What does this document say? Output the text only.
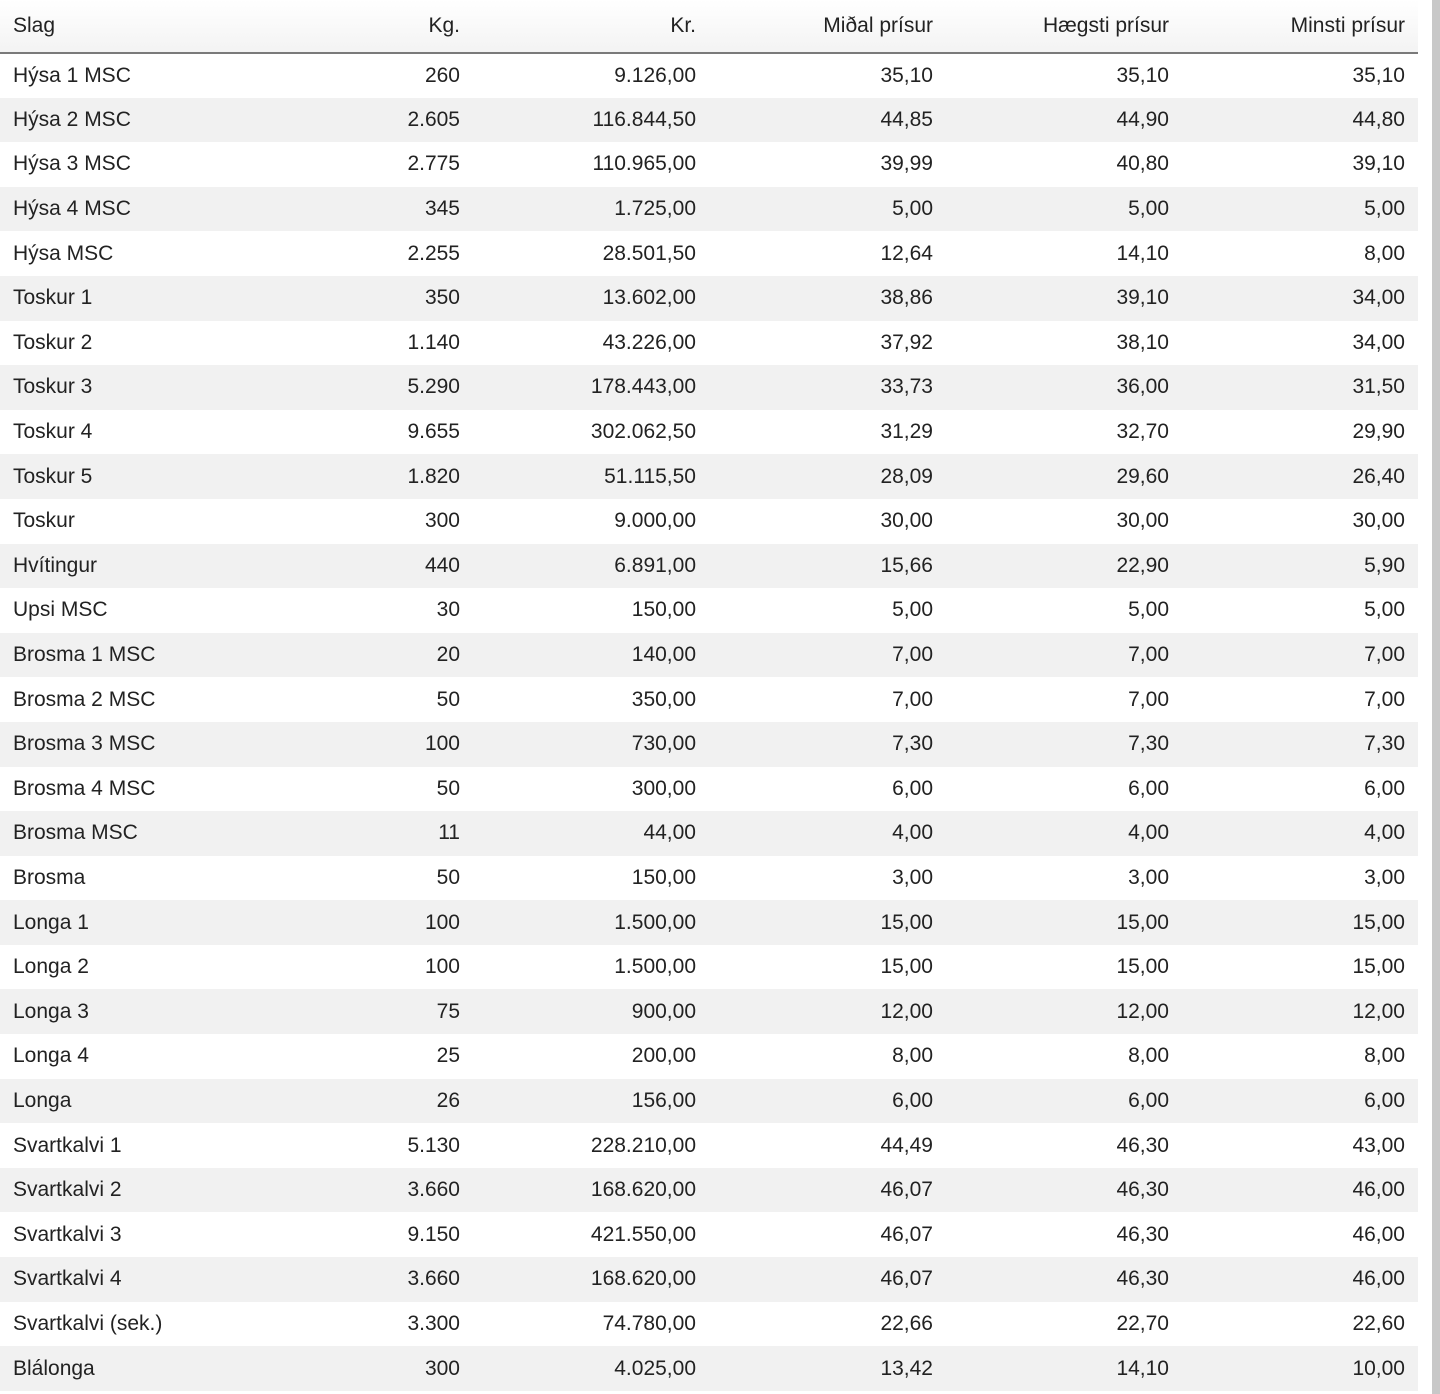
Slag	Kg.	Kr.	Miðal prísur	Hægsti prísur	Minsti prísur
Hýsa 1 MSC	260	9.126,00	35,10	35,10	35,10
Hýsa 2 MSC	2.605	116.844,50	44,85	44,90	44,80
Hýsa 3 MSC	2.775	110.965,00	39,99	40,80	39,10
Hýsa 4 MSC	345	1.725,00	5,00	5,00	5,00
Hýsa MSC	2.255	28.501,50	12,64	14,10	8,00
Toskur 1	350	13.602,00	38,86	39,10	34,00
Toskur 2	1.140	43.226,00	37,92	38,10	34,00
Toskur 3	5.290	178.443,00	33,73	36,00	31,50
Toskur 4	9.655	302.062,50	31,29	32,70	29,90
Toskur 5	1.820	51.115,50	28,09	29,60	26,40
Toskur	300	9.000,00	30,00	30,00	30,00
Hvítingur	440	6.891,00	15,66	22,90	5,90
Upsi MSC	30	150,00	5,00	5,00	5,00
Brosma 1 MSC	20	140,00	7,00	7,00	7,00
Brosma 2 MSC	50	350,00	7,00	7,00	7,00
Brosma 3 MSC	100	730,00	7,30	7,30	7,30
Brosma 4 MSC	50	300,00	6,00	6,00	6,00
Brosma MSC	11	44,00	4,00	4,00	4,00
Brosma	50	150,00	3,00	3,00	3,00
Longa 1	100	1.500,00	15,00	15,00	15,00
Longa 2	100	1.500,00	15,00	15,00	15,00
Longa 3	75	900,00	12,00	12,00	12,00
Longa 4	25	200,00	8,00	8,00	8,00
Longa	26	156,00	6,00	6,00	6,00
Svartkalvi 1	5.130	228.210,00	44,49	46,30	43,00
Svartkalvi 2	3.660	168.620,00	46,07	46,30	46,00
Svartkalvi 3	9.150	421.550,00	46,07	46,30	46,00
Svartkalvi 4	3.660	168.620,00	46,07	46,30	46,00
Svartkalvi (sek.)	3.300	74.780,00	22,66	22,70	22,60
Blálonga	300	4.025,00	13,42	14,10	10,00
